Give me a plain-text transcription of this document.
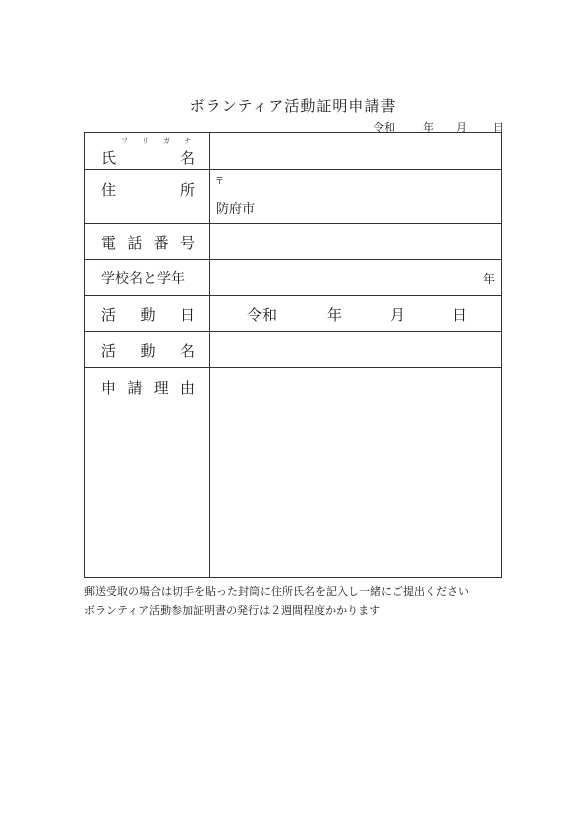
ボランティア活動証明申請書
令和	年 月 日
フ リ ガ ナ
氏	名
住	所 〒
防府市
電 話 番 号
学校名と学年	年
活 動 日	令和	年	月	日
活 動 名
申 請 理 由
郵送受取の場合は切手を貼った封筒に住所氏名を記入し一緒にご提出ください
ボランティア活動参加証明書の発行は２週間程度かかります
